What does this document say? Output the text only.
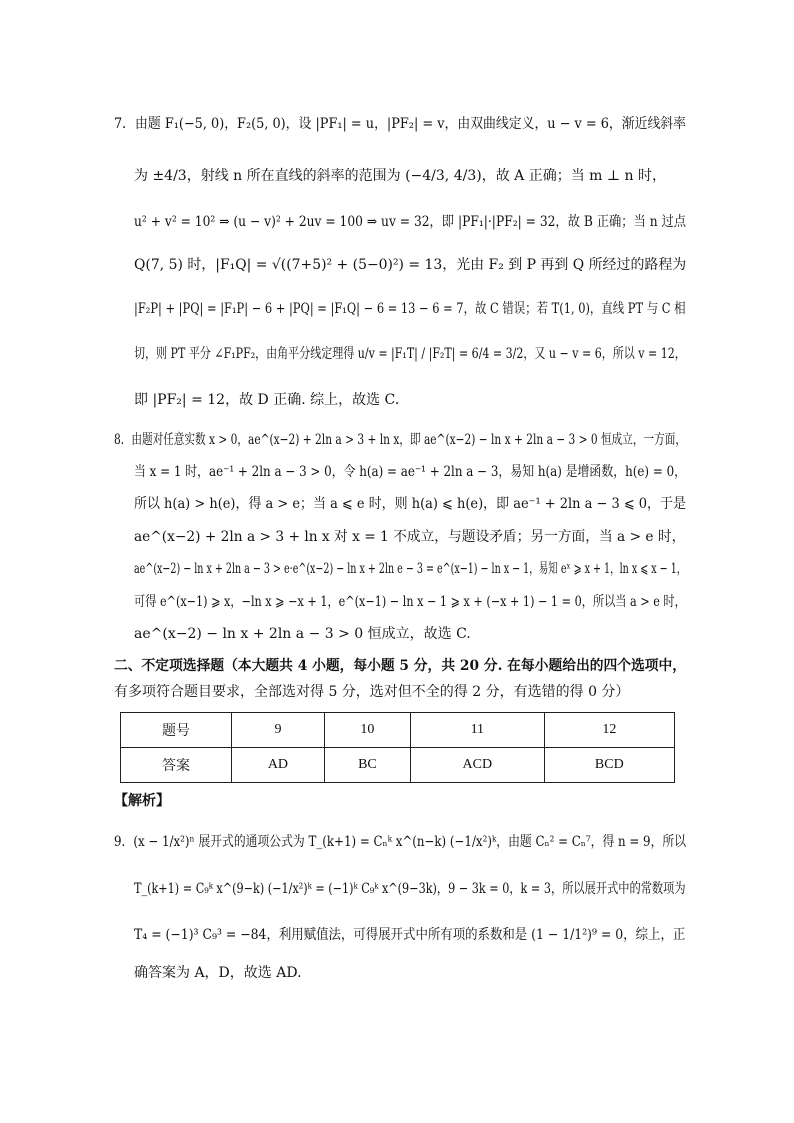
7．由题 F₁(−5, 0)，F₂(5, 0)，设 |PF₁| = u，|PF₂| = v，由双曲线定义，u − v = 6，渐近线斜率
为 ±4/3，射线 n 所在直线的斜率的范围为 (−4/3, 4/3)，故 A 正确；当 m ⊥ n 时，
u² + v² = 10² ⇒ (u − v)² + 2uv = 100 ⇒ uv = 32，即 |PF₁|·|PF₂| = 32，故 B 正确；当 n 过点
Q(7, 5) 时，|F₁Q| = √((7+5)² + (5−0)²) = 13，光由 F₂ 到 P 再到 Q 所经过的路程为
|F₂P| + |PQ| = |F₁P| − 6 + |PQ| = |F₁Q| − 6 = 13 − 6 = 7，故 C 错误；若 T(1, 0)，直线 PT 与 C 相
切，则 PT 平分 ∠F₁PF₂，由角平分线定理得 u/v = |F₁T| / |F₂T| = 6/4 = 3/2，又 u − v = 6，所以 v = 12，
即 |PF₂| = 12，故 D 正确. 综上，故选 C.
8．由题对任意实数 x > 0，ae^(x−2) + 2ln a > 3 + ln x，即 ae^(x−2) − ln x + 2ln a − 3 > 0 恒成立，一方面，
当 x = 1 时，ae⁻¹ + 2ln a − 3 > 0，令 h(a) = ae⁻¹ + 2ln a − 3，易知 h(a) 是增函数，h(e) = 0，
所以 h(a) > h(e)，得 a > e；当 a ⩽ e 时，则 h(a) ⩽ h(e)，即 ae⁻¹ + 2ln a − 3 ⩽ 0，于是
ae^(x−2) + 2ln a > 3 + ln x 对 x = 1 不成立，与题设矛盾；另一方面，当 a > e 时，
ae^(x−2) − ln x + 2ln a − 3 > e·e^(x−2) − ln x + 2ln e − 3 = e^(x−1) − ln x − 1，易知 eˣ ⩾ x + 1，ln x ⩽ x − 1，
可得 e^(x−1) ⩾ x，−ln x ⩾ −x + 1，e^(x−1) − ln x − 1 ⩾ x + (−x + 1) − 1 = 0，所以当 a > e 时，
ae^(x−2) − ln x + 2ln a − 3 > 0 恒成立，故选 C.
二、不定项选择题（本大题共 4 小题，每小题 5 分，共 20 分. 在每小题给出的四个选项中，
有多项符合题目要求，全部选对得 5 分，选对但不全的得 2 分，有选错的得 0 分）
题号	9	10	11	12
答案	AD	BC	ACD	BCD
【解析】
9．(x − 1/x²)ⁿ 展开式的通项公式为 T_(k+1) = Cₙᵏ x^(n−k) (−1/x²)ᵏ，由题 Cₙ² = Cₙ⁷，得 n = 9，所以
T_(k+1) = C₉ᵏ x^(9−k) (−1/x²)ᵏ = (−1)ᵏ C₉ᵏ x^(9−3k)，9 − 3k = 0，k = 3，所以展开式中的常数项为
T₄ = (−1)³ C₉³ = −84，利用赋值法，可得展开式中所有项的系数和是 (1 − 1/1²)⁹ = 0，综上，正
确答案为 A，D，故选 AD.
